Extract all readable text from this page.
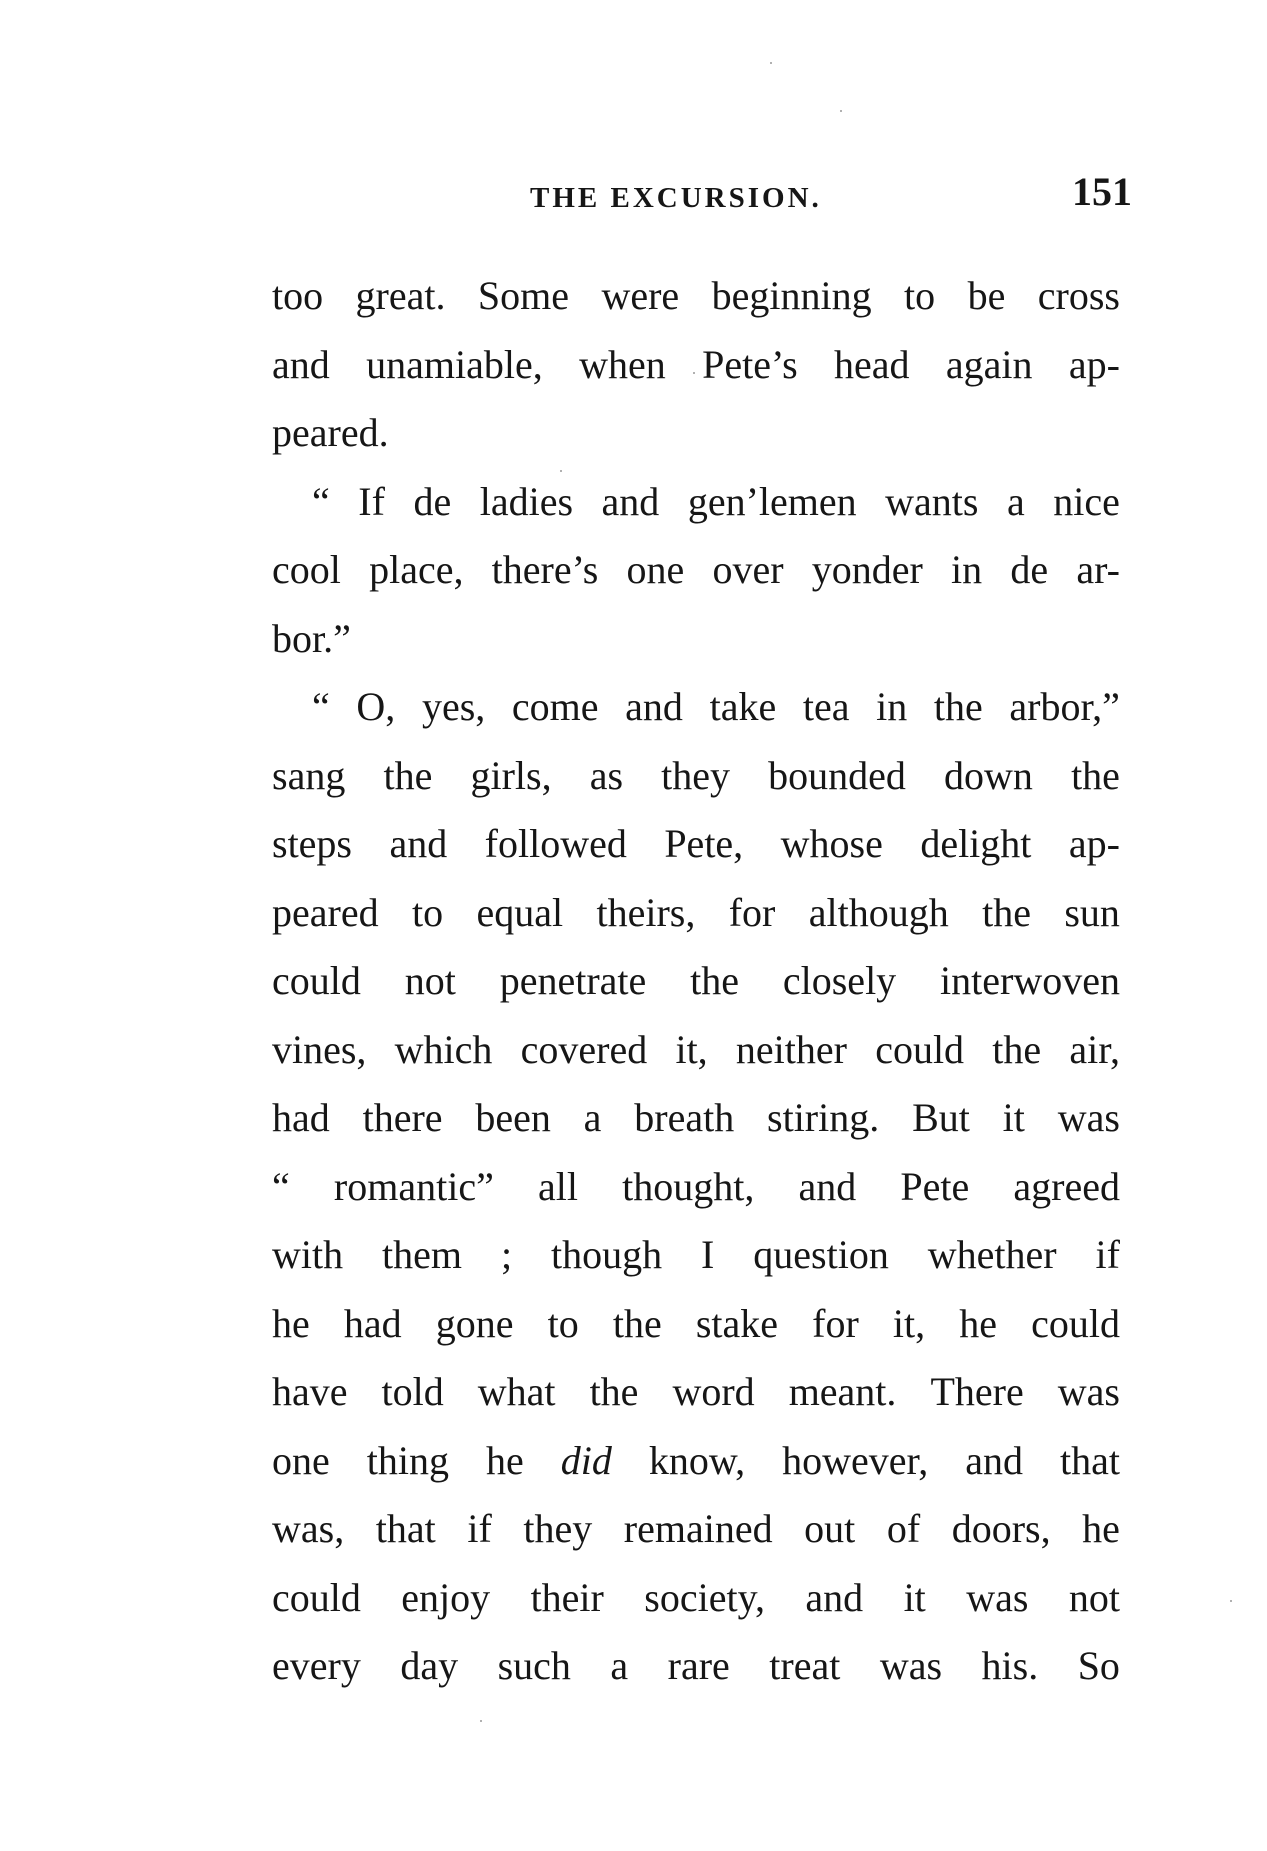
THE EXCURSION.	151
too great. Some were beginning to be cross
and unamiable, when Pete’s head again ap-
peared.
“ If de ladies and gen’lemen wants a nice
cool place, there’s one over yonder in de ar-
bor.”
“ O, yes, come and take tea in the arbor,”
sang the girls, as they bounded down the
steps and followed Pete, whose delight ap-
peared to equal theirs, for although the sun
could not penetrate the closely interwoven
vines, which covered it, neither could the air,
had there been a breath stiring. But it was
“ romantic” all thought, and Pete agreed
with them ; though I question whether if
he had gone to the stake for it, he could
have told what the word meant. There was
one thing he did know, however, and that
was, that if they remained out of doors, he
could enjoy their society, and it was not
every day such a rare treat was his. So
